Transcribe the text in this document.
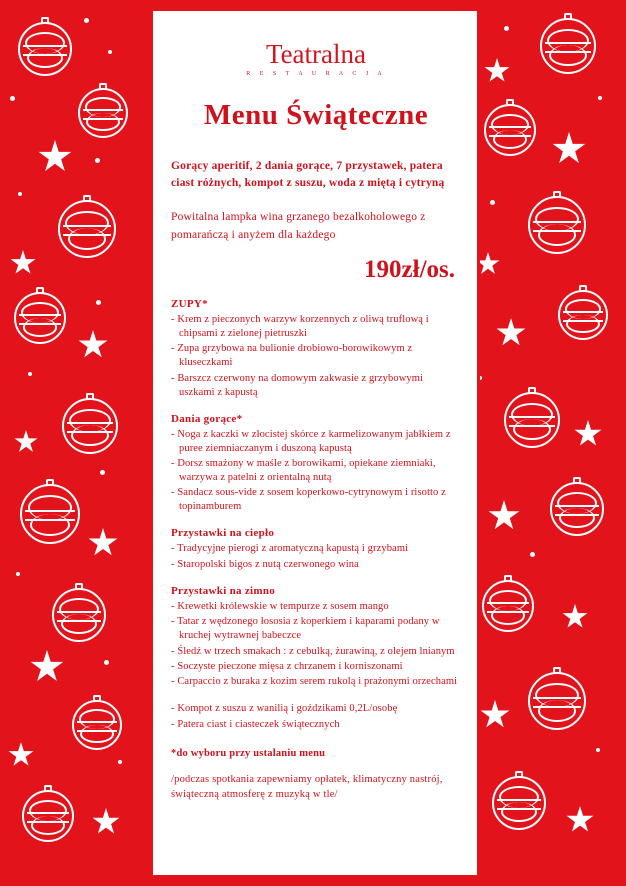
Teatralna
R E S T A U R A C J A
Menu Świąteczne

Gorący aperitif, 2 dania gorące, 7 przystawek, patera ciast różnych, kompot z suszu, woda z miętą i cytryną

Powitalna lampka wina grzanego bezalkoholowego z pomarańczą i anyżem dla każdego

190zł/os.
ZUPY*
- Krem z pieczonych warzyw korzennych z oliwą truflową i chipsami z zielonej pietruszki
- Zupa grzybowa na bulionie drobiowo-borowikowym z kluseczkami
- Barszcz czerwony na domowym zakwasie z grzybowymi uszkami z kapustą
Dania gorące*
- Noga z kaczki w złocistej skórce z karmelizowanym jabłkiem z puree ziemniaczanym i duszoną kapustą
- Dorsz smażony w maśle z borowikami, opiekane ziemniaki, warzywa z patelni z orientalną nutą
- Sandacz sous-vide z sosem koperkowo-cytrynowym i risotto z topinamburem
Przystawki na ciepło
- Tradycyjne pierogi z aromatyczną kapustą i grzybami
- Staropolski bigos z nutą czerwonego wina
Przystawki na zimno
- Krewetki królewskie w tempurze z sosem mango
- Tatar z wędzonego łososia z koperkiem i kaparami podany w kruchej wytrawnej babeczce
- Śledź w trzech smakach : z cebulką, żurawiną, z olejem lnianym
- Soczyste pieczone mięsa z chrzanem i korniszonami
- Carpaccio z buraka z kozim serem rukolą i prażonymi orzechami
- Kompot z suszu z wanilią i goździkami 0,2L/osobę
- Patera ciast i ciasteczek świątecznych
*do wyboru przy ustalaniu menu
/podczas spotkania zapewniamy opłatek, klimatyczny nastrój, świąteczną atmosferę z muzyką w tle/
